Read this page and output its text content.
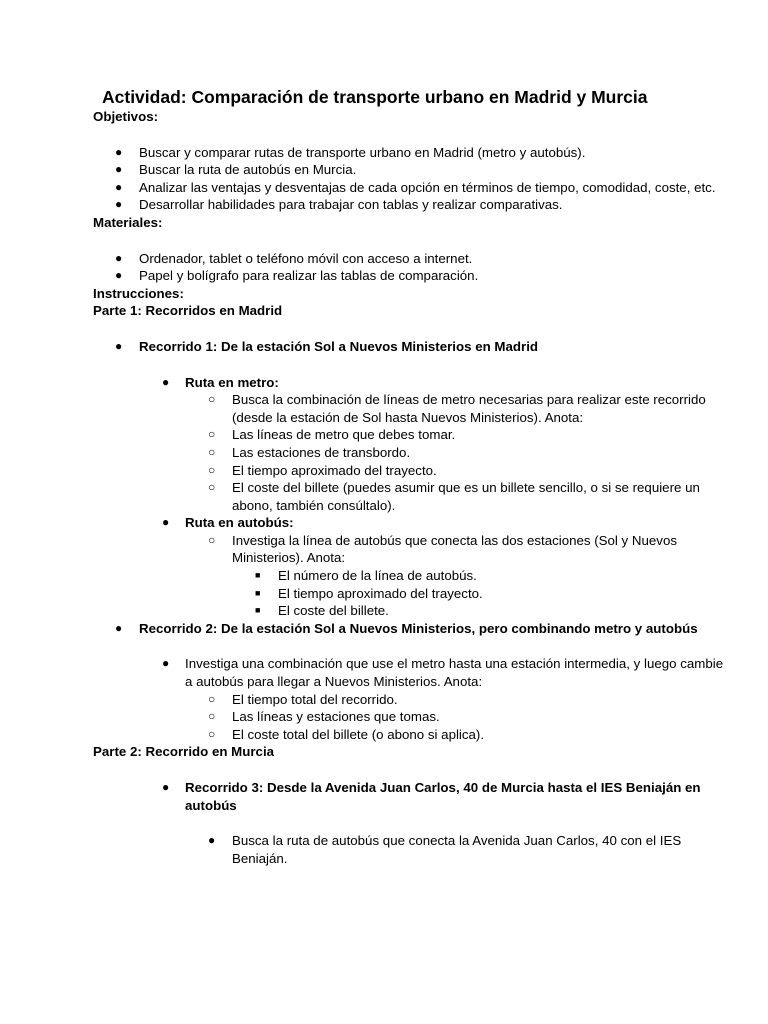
Actividad: Comparación de transporte urbano en Madrid y Murcia

Objetivos:

● Buscar y comparar rutas de transporte urbano en Madrid (metro y autobús).
● Buscar la ruta de autobús en Murcia.
● Analizar las ventajas y desventajas de cada opción en términos de tiempo, comodidad, coste, etc.
● Desarrollar habilidades para trabajar con tablas y realizar comparativas.

Materiales:

● Ordenador, tablet o teléfono móvil con acceso a internet.
● Papel y bolígrafo para realizar las tablas de comparación.

Instrucciones:

Parte 1: Recorridos en Madrid

● Recorrido 1: De la estación Sol a Nuevos Ministerios en Madrid
● Ruta en metro:
○ Busca la combinación de líneas de metro necesarias para realizar este recorrido (desde la estación de Sol hasta Nuevos Ministerios). Anota:
○ Las líneas de metro que debes tomar.
○ Las estaciones de transbordo.
○ El tiempo aproximado del trayecto.
○ El coste del billete (puedes asumir que es un billete sencillo, o si se requiere un abono, también consúltalo).
● Ruta en autobús:
○ Investiga la línea de autobús que conecta las dos estaciones (Sol y Nuevos Ministerios). Anota:
■ El número de la línea de autobús.
■ El tiempo aproximado del trayecto.
■ El coste del billete.
● Recorrido 2: De la estación Sol a Nuevos Ministerios, pero combinando metro y autobús
● Investiga una combinación que use el metro hasta una estación intermedia, y luego cambie a autobús para llegar a Nuevos Ministerios. Anota:
○ El tiempo total del recorrido.
○ Las líneas y estaciones que tomas.
○ El coste total del billete (o abono si aplica).

Parte 2: Recorrido en Murcia

● Recorrido 3: Desde la Avenida Juan Carlos, 40 de Murcia hasta el IES Beniaján en autobús
● Busca la ruta de autobús que conecta la Avenida Juan Carlos, 40 con el IES Beniaján.
